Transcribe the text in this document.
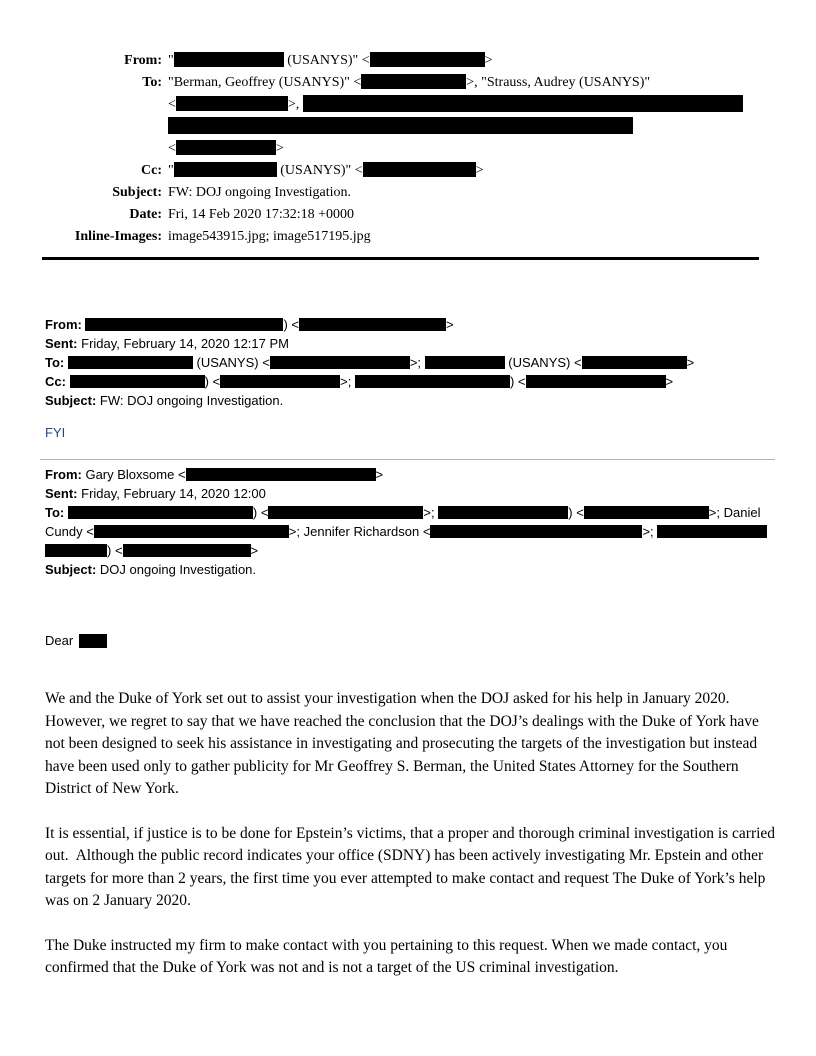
From: "	(USANYS)" <	>
To: "Berman, Geoffrey (USANYS)" <	>, "Strauss, Audrey (USANYS)"
<	>,
<	>
Cc: "	(USANYS)" <	>
Subject: FW: DOJ ongoing Investigation.
Date: Fri, 14 Feb 2020 17:32:18 +0000
Inline-Images: image543915.jpg; image517195.jpg
From:	) <	>
Sent: Friday, February 14, 2020 12:17 PM
To:	(USANYS) <	>;	(USANYS) <	>
Cc:	) <	>;	) <	>
Subject: FW: DOJ ongoing Investigation.
FYI
From: Gary Bloxsome <	>
Sent: Friday, February 14, 2020 12:00
To:	) <	>;	) <	>; Daniel
Cundy <	>; Jennifer Richardson <	>;
) <	>
Subject: DOJ ongoing Investigation.
Dear

We and the Duke of York set out to assist your investigation when the DOJ asked for his help in January 2020. However, we regret to say that we have reached the conclusion that the DOJ’s dealings with the Duke of York have not been designed to seek his assistance in investigating and prosecuting the targets of the investigation but instead have been used only to gather publicity for Mr Geoffrey S. Berman, the United States Attorney for the Southern District of New York.

It is essential, if justice is to be done for Epstein’s victims, that a proper and thorough criminal investigation is carried out.  Although the public record indicates your office (SDNY) has been actively investigating Mr. Epstein and other targets for more than 2 years, the first time you ever attempted to make contact and request The Duke of York’s help was on 2 January 2020.

The Duke instructed my firm to make contact with you pertaining to this request. When we made contact, you confirmed that the Duke of York was not and is not a target of the US criminal investigation.
